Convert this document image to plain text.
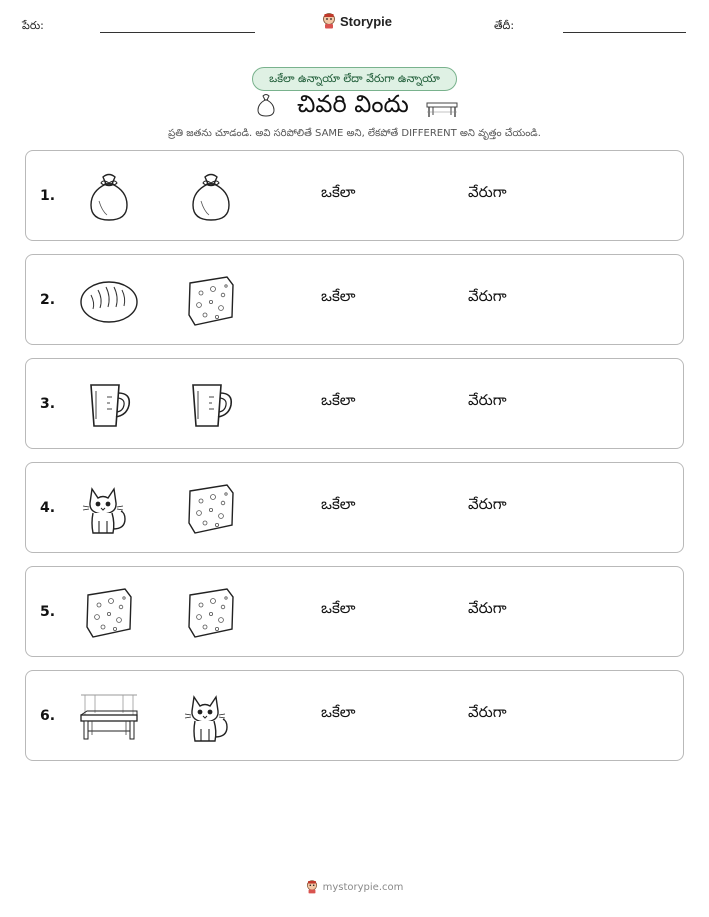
పేరు:	Storypie	తేదీ:
ఒకేలా ఉన్నాయా లేదా వేరుగా ఉన్నాయా
చివరి విందు
ప్రతి జతను చూడండి. అవి సరిపోలితే SAME అని, లేకపోతే DIFFERENT అని వృత్తం చేయండి.
1.	ఒకేలా	వేరుగా
2.	ఒకేలా	వేరుగా
3.	ఒకేలా	వేరుగా
4.	ఒకేలా	వేరుగా
5.	ఒకేలా	వేరుగా
6.	ఒకేలా	వేరుగా
mystorypie.com
